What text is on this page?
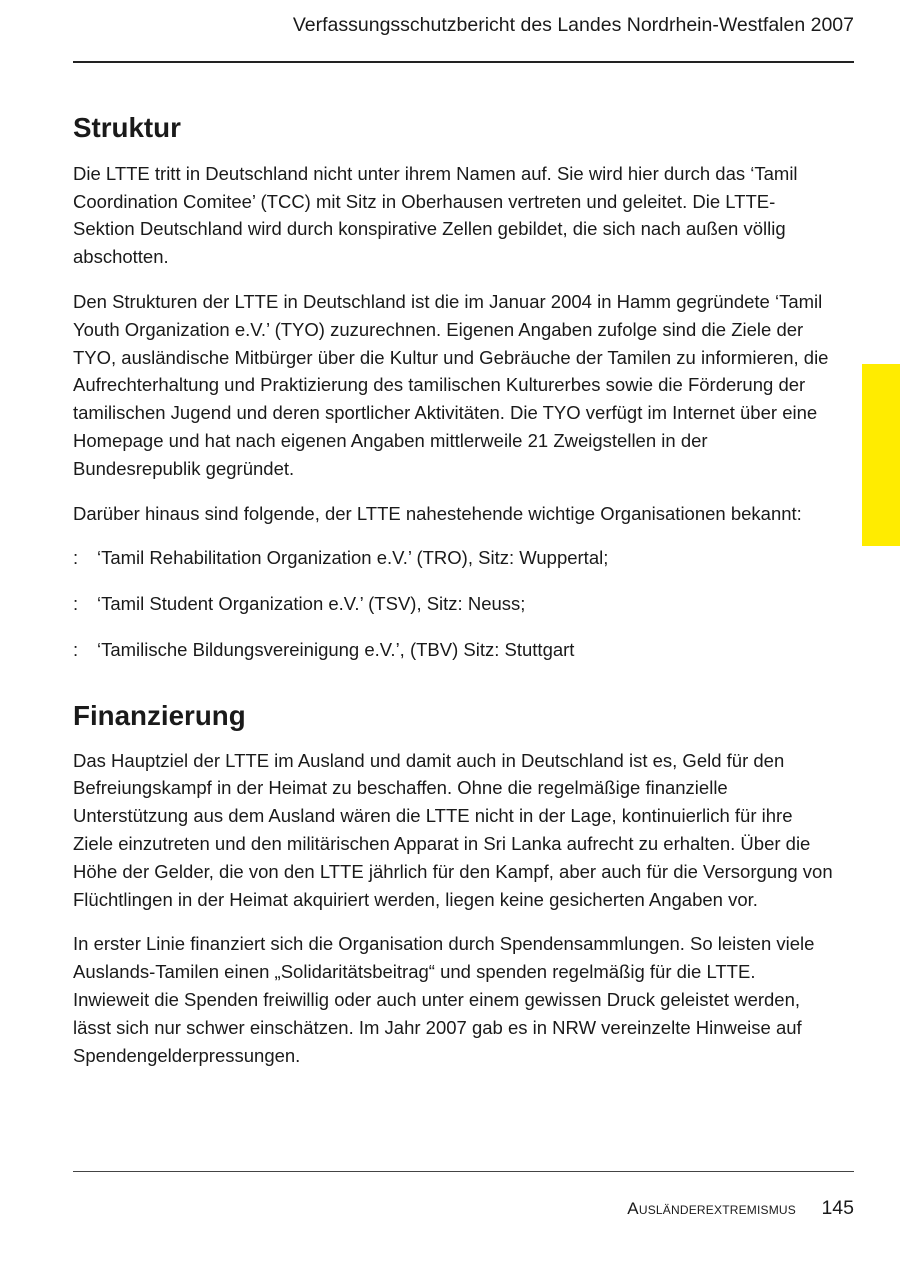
Verfassungsschutzbericht des Landes Nordrhein-Westfalen 2007
Struktur

Die LTTE tritt in Deutschland nicht unter ihrem Namen auf. Sie wird hier durch das ‘Tamil Coordination Comitee’ (TCC) mit Sitz in Oberhausen vertreten und geleitet. Die LTTE-Sektion Deutschland wird durch konspirative Zellen gebildet, die sich nach außen völlig abschotten.

Den Strukturen der LTTE in Deutschland ist die im Januar 2004 in Hamm gegründete ‘Tamil Youth Organization e.V.’ (TYO) zuzurechnen. Eigenen Angaben zufolge sind die Ziele der TYO, ausländische Mitbürger über die Kultur und Gebräuche der Tamilen zu informieren, die Aufrechterhaltung und Praktizierung des tamilischen Kulturerbes sowie die Förderung der tamilischen Jugend und deren sportlicher Aktivitäten. Die TYO verfügt im Internet über eine Homepage und hat nach eigenen Angaben mittlerweile 21 Zweigstellen in der Bundesrepublik gegründet.

Darüber hinaus sind folgende, der LTTE nahestehende wichtige Organisationen bekannt:

: ‘Tamil Rehabilitation Organization e.V.’ (TRO), Sitz: Wuppertal;
: ‘Tamil Student Organization e.V.’ (TSV), Sitz: Neuss;
: ‘Tamilische Bildungsvereinigung e.V.’, (TBV) Sitz: Stuttgart
Finanzierung

Das Hauptziel der LTTE im Ausland und damit auch in Deutschland ist es, Geld für den Befreiungskampf in der Heimat zu beschaffen. Ohne die regelmäßige finanzielle Unterstützung aus dem Ausland wären die LTTE nicht in der Lage, kontinuierlich für ihre Ziele einzutreten und den militärischen Apparat in Sri Lanka aufrecht zu erhalten. Über die Höhe der Gelder, die von den LTTE jährlich für den Kampf, aber auch für die Versorgung von Flüchtlingen in der Heimat akquiriert werden, liegen keine gesicherten Angaben vor.

In erster Linie finanziert sich die Organisation durch Spendensammlungen. So leisten viele Auslands-Tamilen einen „Solidaritätsbeitrag“ und spenden regelmäßig für die LTTE. Inwieweit die Spenden freiwillig oder auch unter einem gewissen Druck geleistet werden, lässt sich nur schwer einschätzen. Im Jahr 2007 gab es in NRW vereinzelte Hinweise auf Spendengelderpressungen.

Ausländerextremismus 145
